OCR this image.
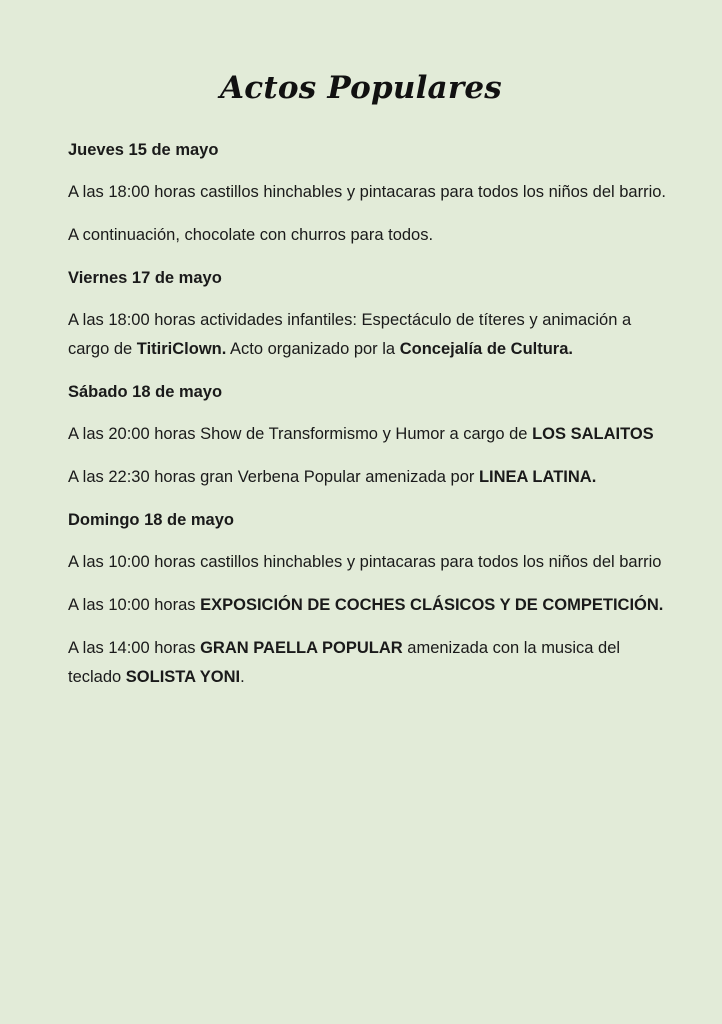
Actos Populares
Jueves 15 de mayo
A las 18:00 horas castillos hinchables y pintacaras para todos los niños del barrio.
A continuación, chocolate con churros para todos.
Viernes 17 de mayo
A las 18:00 horas actividades infantiles: Espectáculo de títeres y animación a cargo de TitiriClown. Acto organizado por la Concejalía de Cultura.
Sábado 18 de mayo
A las 20:00 horas Show de Transformismo y Humor a cargo de LOS SALAITOS
A las 22:30 horas gran Verbena Popular amenizada por LINEA LATINA.
Domingo 18 de mayo
A las 10:00 horas castillos hinchables y pintacaras para todos los niños del barrio
A las 10:00 horas EXPOSICIÓN DE COCHES CLÁSICOS Y DE COMPETICIÓN.
A las 14:00 horas GRAN PAELLA POPULAR amenizada con la musica del teclado SOLISTA YONI.
